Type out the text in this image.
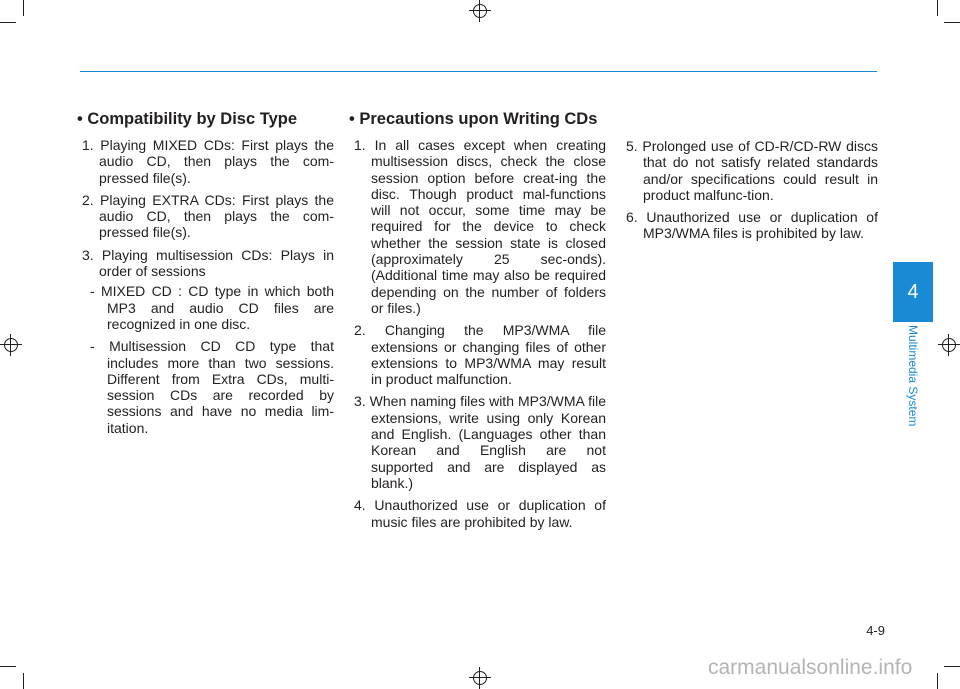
• Compatibility by Disc Type
1. Playing MIXED CDs: First plays the audio CD, then plays the com-pressed file(s).
2. Playing EXTRA CDs: First plays the audio CD, then plays the com-pressed file(s).
3. Playing multisession CDs: Plays in order of sessions
- MIXED CD : CD type in which both MP3 and audio CD files are recognized in one disc.
- Multisession CD CD type that includes more than two sessions. Different from Extra CDs, multi-session CDs are recorded by sessions and have no media lim-itation.
• Precautions upon Writing CDs
1. In all cases except when creating multisession discs, check the close session option before creat-ing the disc. Though product mal-functions will not occur, some time may be required for the device to check whether the session state is closed (approximately 25 sec-onds). (Additional time may also be required depending on the number of folders or files.)
2. Changing the MP3/WMA file extensions or changing files of other extensions to MP3/WMA may result in product malfunction.
3. When naming files with MP3/WMA file extensions, write using only Korean and English. (Languages other than Korean and English are not supported and are displayed as blank.)
4. Unauthorized use or duplication of music files are prohibited by law.
5. Prolonged use of CD-R/CD-RW discs that do not satisfy related standards and/or specifications could result in product malfunc-tion.
6. Unauthorized use or duplication of MP3/WMA files is prohibited by law.
4
Multimedia System
4-9
carmanualsonline.info
